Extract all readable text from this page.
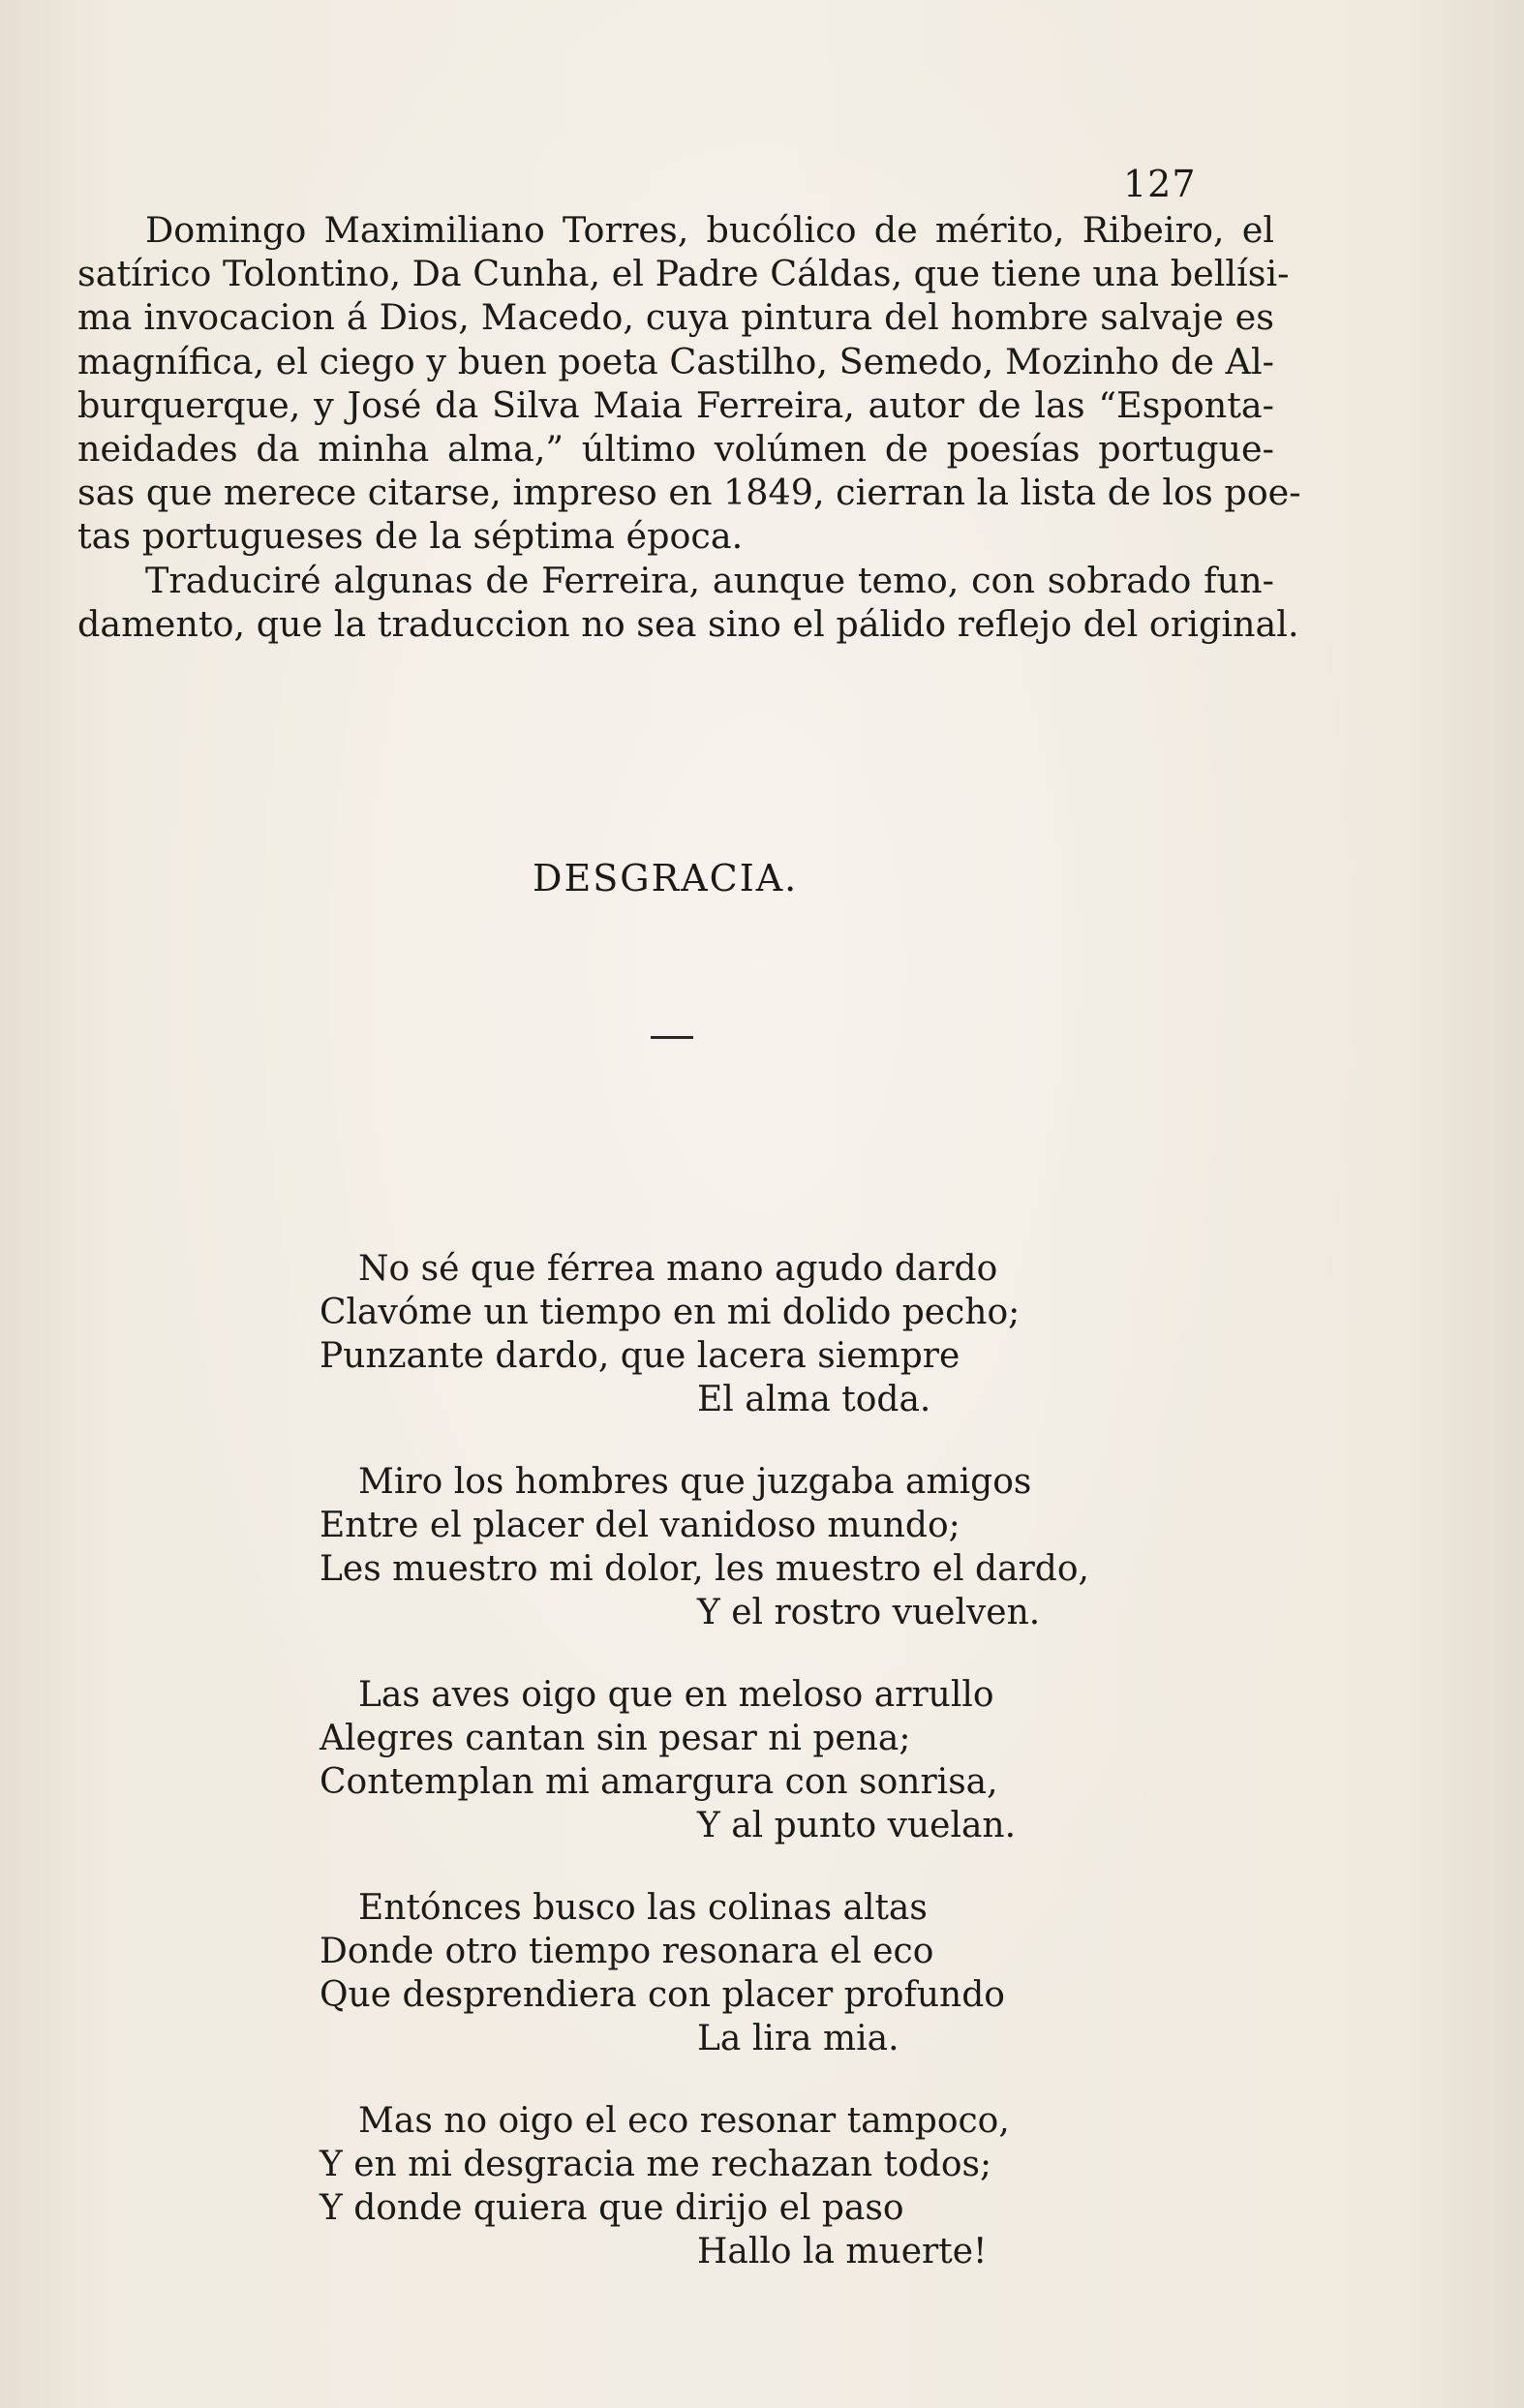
127
Domingo Maximiliano Torres, bucólico de mérito, Ribeiro, el
satírico Tolontino, Da Cunha, el Padre Cáldas, que tiene una bellísi-
ma invocacion á Dios, Macedo, cuya pintura del hombre salvaje es
magnífica, el ciego y buen poeta Castilho, Semedo, Mozinho de Al-
burquerque, y José da Silva Maia Ferreira, autor de las “Esponta-
neidades da minha alma,” último volúmen de poesías portugue-
sas que merece citarse, impreso en 1849, cierran la lista de los poe-
tas portugueses de la séptima época.
Traduciré algunas de Ferreira, aunque temo, con sobrado fun-
damento, que la traduccion no sea sino el pálido reflejo del original.
DESGRACIA.
No sé que férrea mano agudo dardo
Clavóme un tiempo en mi dolido pecho;
Punzante dardo, que lacera siempre
El alma toda.
Miro los hombres que juzgaba amigos
Entre el placer del vanidoso mundo;
Les muestro mi dolor, les muestro el dardo,
Y el rostro vuelven.
Las aves oigo que en meloso arrullo
Alegres cantan sin pesar ni pena;
Contemplan mi amargura con sonrisa,
Y al punto vuelan.
Entónces busco las colinas altas
Donde otro tiempo resonara el eco
Que desprendiera con placer profundo
La lira mia.
Mas no oigo el eco resonar tampoco,
Y en mi desgracia me rechazan todos;
Y donde quiera que dirijo el paso
Hallo la muerte!
